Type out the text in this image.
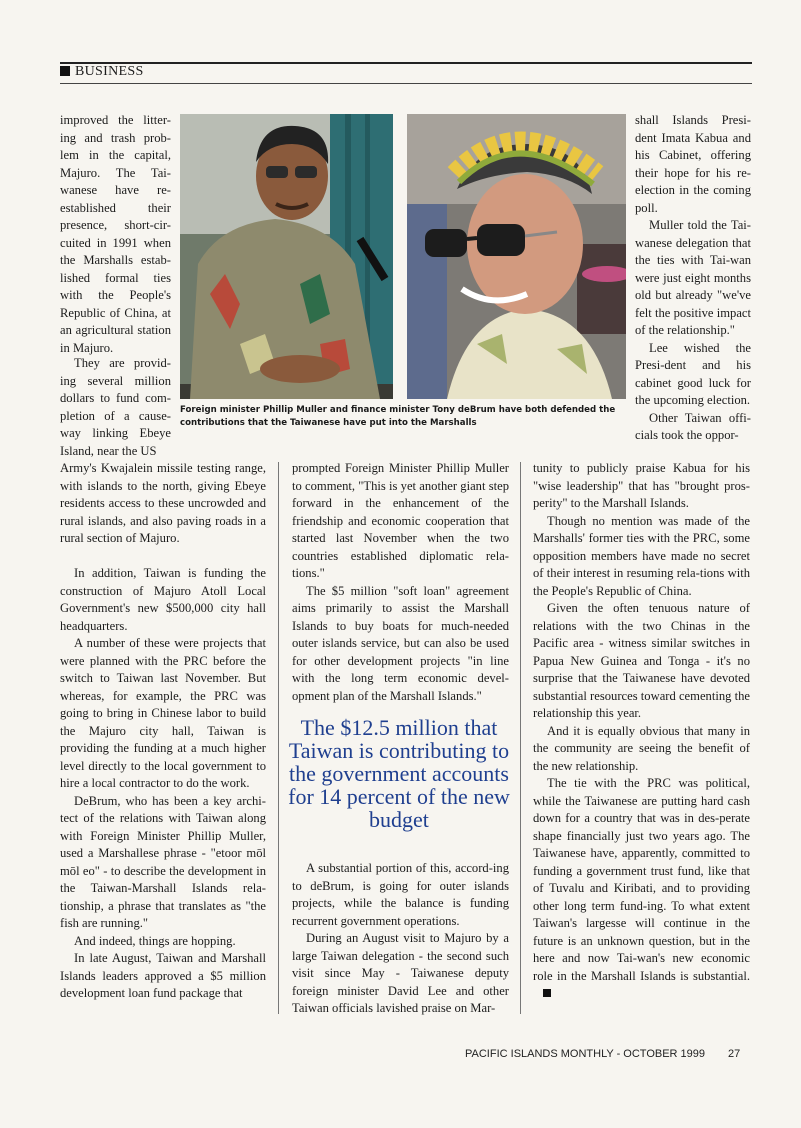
BUSINESS
Foreign minister Phillip Muller and finance minister Tony deBrum have both defended the contributions that the Taiwanese have put into the Marshalls

improved the litter-ing and trash prob-lem in the capital, Majuro. The Tai-wanese have re-established their presence, short-cir-cuited in 1991 when the Marshalls estab-lished formal ties with the People's Republic of China, at an agricultural station in Majuro.

They are provid-ing several million dollars to fund com-pletion of a cause-way linking Ebeye Island, near the US

Army's Kwajalein missile testing range, with islands to the north, giving Ebeye residents access to these uncrowded and rural islands, and also paving roads in a rural section of Majuro.

In addition, Taiwan is funding the construction of Majuro Atoll Local Government's new $500,000 city hall headquarters.

A number of these were projects that were planned with the PRC before the switch to Taiwan last November. But whereas, for example, the PRC was going to bring in Chinese labor to build the Majuro city hall, Taiwan is providing the funding at a much higher level directly to the local government to hire a local contractor to do the work.

DeBrum, who has been a key archi-tect of the relations with Taiwan along with Foreign Minister Phillip Muller, used a Marshallese phrase - "etoor mōl mōl eo" - to describe the development in the Taiwan-Marshall Islands rela-tionship, a phrase that translates as "the fish are running."

And indeed, things are hopping.

In late August, Taiwan and Marshall Islands leaders approved a $5 million development loan fund package that

prompted Foreign Minister Phillip Muller to comment, "This is yet another giant step forward in the enhancement of the friendship and economic cooperation that started last November when the two countries established diplomatic rela-tions."

The $5 million "soft loan" agreement aims primarily to assist the Marshall Islands to buy boats for much-needed outer islands service, but can also be used for other development projects "in line with the long term economic devel-opment plan of the Marshall Islands."

The $12.5 million that Taiwan is contributing to the government accounts for 14 percent of the new budget

A substantial portion of this, accord-ing to deBrum, is going for outer islands projects, while the balance is funding recurrent government operations.

During an August visit to Majuro by a large Taiwan delegation - the second such visit since May - Taiwanese deputy foreign minister David Lee and other Taiwan officials lavished praise on Mar-

shall Islands Presi-dent Imata Kabua and his Cabinet, offering their hope for his re-election in the coming poll.

Muller told the Tai-wanese delegation that the ties with Tai-wan were just eight months old but already "we've felt the positive impact of the relationship."

Lee wished the Presi-dent and his cabinet good luck for the upcoming election.

Other Taiwan offi-cials took the oppor-

tunity to publicly praise Kabua for his "wise leadership" that has "brought pros-perity" to the Marshall Islands.

Though no mention was made of the Marshalls' former ties with the PRC, some opposition members have made no secret of their interest in resuming rela-tions with the People's Republic of China.

Given the often tenuous nature of relations with the two Chinas in the Pacific area - witness similar switches in Papua New Guinea and Tonga - it's no surprise that the Taiwanese have devoted substantial resources toward cementing the relationship this year.

And it is equally obvious that many in the community are seeing the benefit of the new relationship.

The tie with the PRC was political, while the Taiwanese are putting hard cash down for a country that was in des-perate shape financially just two years ago. The Taiwanese have, apparently, committed to funding a government trust fund, like that of Tuvalu and Kiribati, and to providing other long term fund-ing. To what extent Taiwan's largesse will continue in the future is an unknown question, but in the here and now Tai-wan's new economic role in the Marshall Islands is substantial.

PACIFIC ISLANDS MONTHLY - OCTOBER 1999 27
